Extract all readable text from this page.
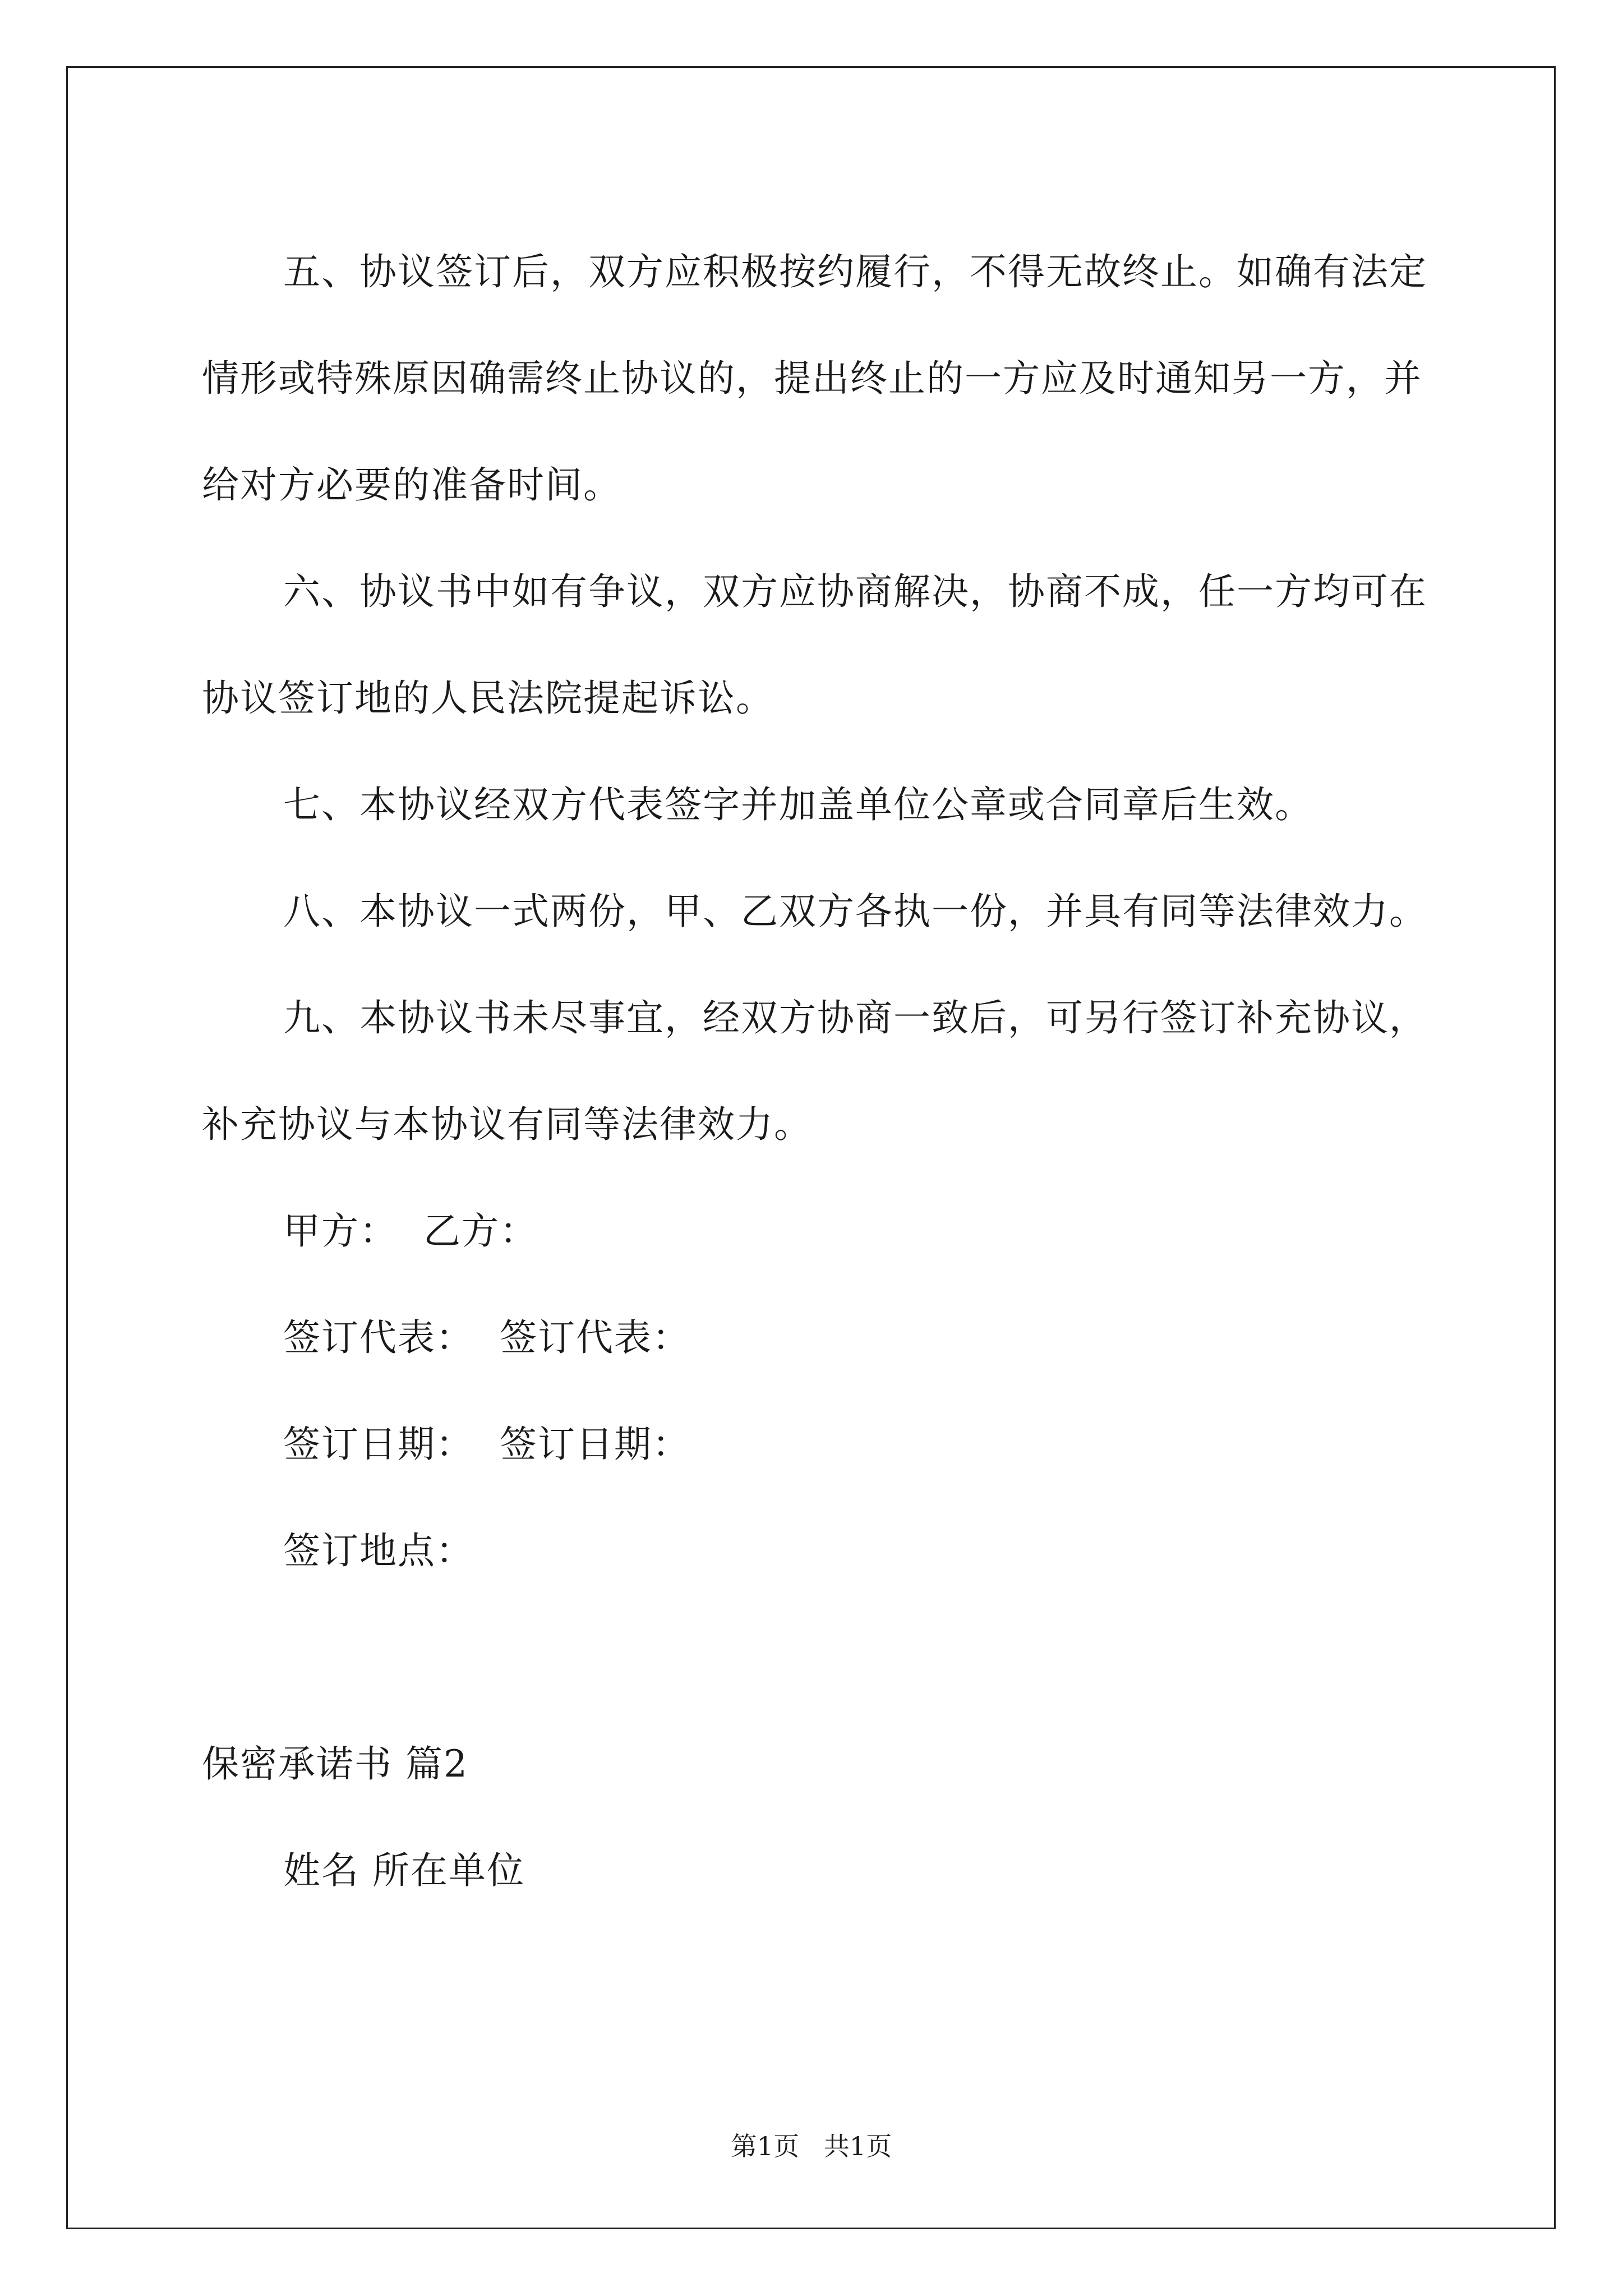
五、协议签订后，双方应积极按约履行，不得无故终止。如确有法定情形或特殊原因确需终止协议的，提出终止的一方应及时通知另一方，并给对方必要的准备时间。

六、协议书中如有争议，双方应协商解决，协商不成，任一方均可在协议签订地的人民法院提起诉讼。

七、本协议经双方代表签字并加盖单位公章或合同章后生效。

八、本协议一式两份，甲、乙双方各执一份，并具有同等法律效力。

九、本协议书未尽事宜，经双方协商一致后，可另行签订补充协议，补充协议与本协议有同等法律效力。

甲方：  乙方：

签订代表：  签订代表：

签订日期：  签订日期：

签订地点：

保密承诺书 篇2

姓名 所在单位

第1页   共1页
